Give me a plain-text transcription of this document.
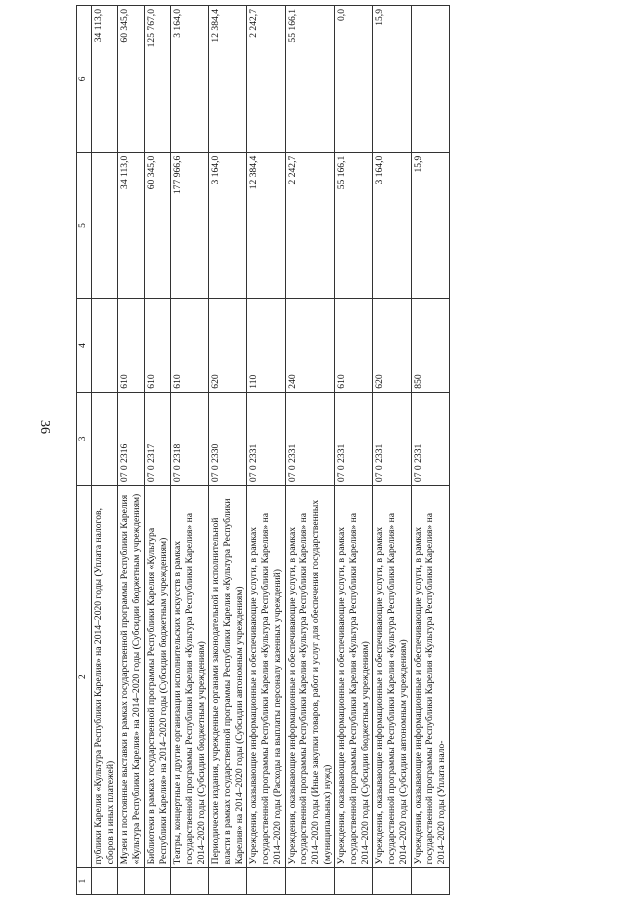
36
1	2	3	4	5	6
	публики Карелия «Культура Республики Карелия» на 2014–2020 годы (Уплата налогов, сборов и иных платежей)				34 113,0
	Музеи и постоянные выставки в рамках государственной программы Республики Карелия «Культура Республики Карелия» на 2014–2020 годы (Субсидии бюджетным учреждениям)	07 0 2316	610	34 113,0	60 345,0
	Библиотеки в рамках государственной программы Республики Карелия «Культура Республики Карелия» на 2014–2020 годы (Субсидии бюджетным учреждениям)	07 0 2317	610	60 345,0	125 767,0
	Театры, концертные и другие организации исполнительских искусств в рамках государственной программы Республики Карелия «Культура Республики Карелия» на 2014–2020 годы (Субсидии бюджетным учреждениям)	07 0 2318	610	177 966,6	3 164,0
	Периодические издания, учрежденные органами законодательной и исполнительной власти в рамках государственной программы Республики Карелия «Культура Республики Карелия» на 2014–2020 годы (Субсидии автономным учреждениям)	07 0 2330	620	3 164,0	12 384,4
	Учреждения, оказывающие информационные и обеспечивающие услуги, в рамках государственной программы Республики Карелия «Культура Республики Карелия» на 2014–2020 годы (Расходы на выплаты персоналу казенных учреждений)	07 0 2331	110	12 384,4	2 242,7
	Учреждения, оказывающие информационные и обеспечивающие услуги, в рамках государственной программы Республики Карелия «Культура Республики Карелия» на 2014–2020 годы (Иные закупки товаров, работ и услуг для обеспечения государственных (муниципальных) нужд)	07 0 2331	240	2 242,7	55 166,1
	Учреждения, оказывающие информационные и обеспечивающие услуги, в рамках государственной программы Республики Карелия «Культура Республики Карелия» на 2014–2020 годы (Субсидии бюджетным учреждениям)	07 0 2331	610	55 166,1	0,0
	Учреждения, оказывающие информационные и обеспечивающие услуги, в рамках государственной программы Республики Карелия «Культура Республики Карелия» на 2014–2020 годы (Субсидии автономным учреждениям)	07 0 2331	620	3 164,0	15,9
	Учреждения, оказывающие информационные и обеспечивающие услуги, в рамках государственной программы Республики Карелия «Культура Республики Карелия» на 2014–2020 годы (Уплата нало-	07 0 2331	850	15,9	
